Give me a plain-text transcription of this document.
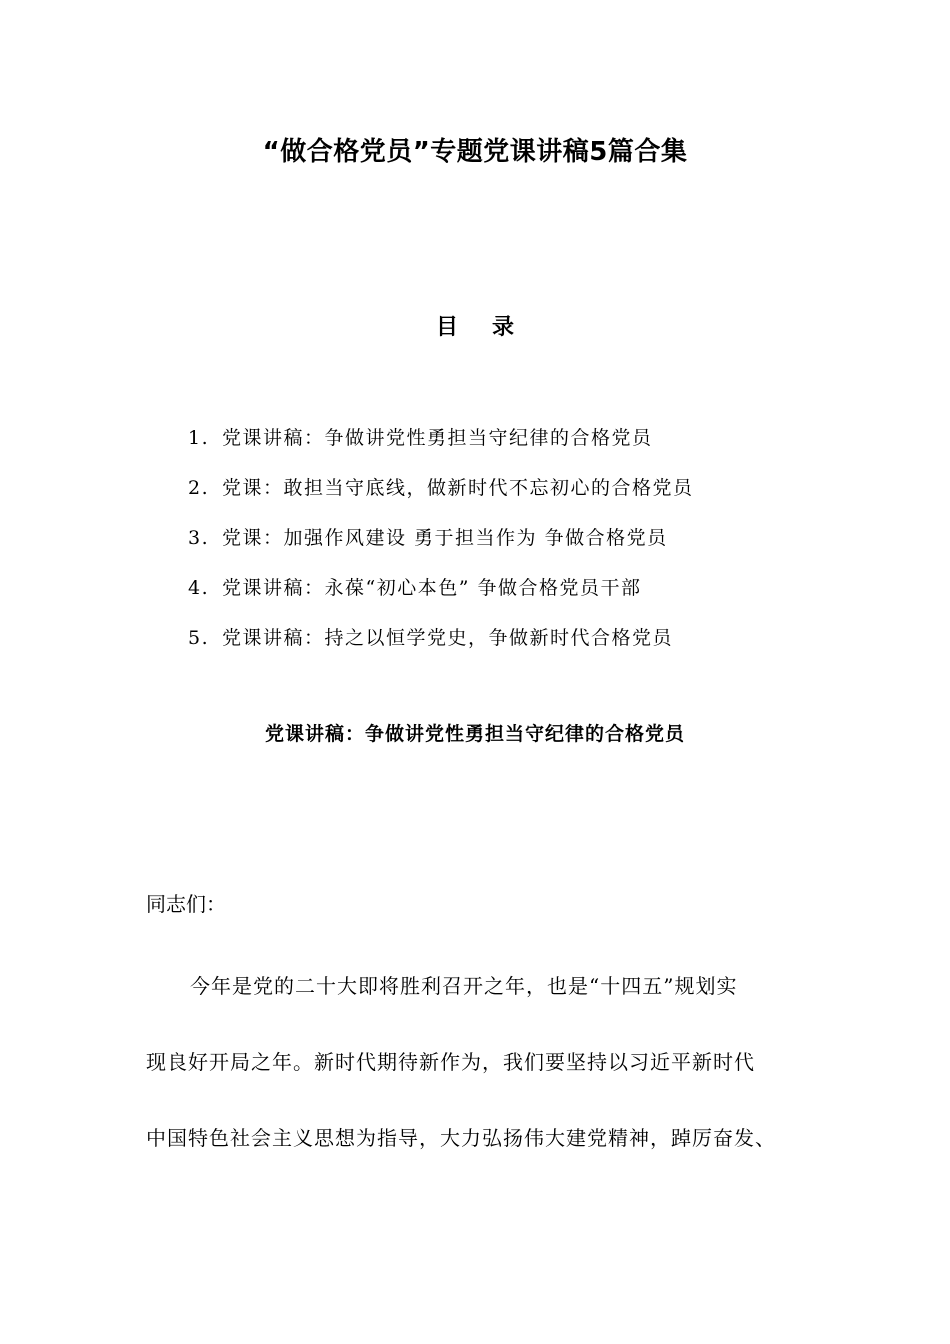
“做合格党员”专题党课讲稿5篇合集
目 录
1. 党课讲稿：争做讲党性勇担当守纪律的合格党员
2. 党课：敢担当守底线，做新时代不忘初心的合格党员
3. 党课：加强作风建设 勇于担当作为 争做合格党员
4. 党课讲稿：永葆“初心本色” 争做合格党员干部
5. 党课讲稿：持之以恒学党史，争做新时代合格党员
党课讲稿：争做讲党性勇担当守纪律的合格党员
同志们：
今年是党的二十大即将胜利召开之年，也是“十四五”规划实
现良好开局之年。新时代期待新作为，我们要坚持以习近平新时代
中国特色社会主义思想为指导，大力弘扬伟大建党精神，踔厉奋发、
